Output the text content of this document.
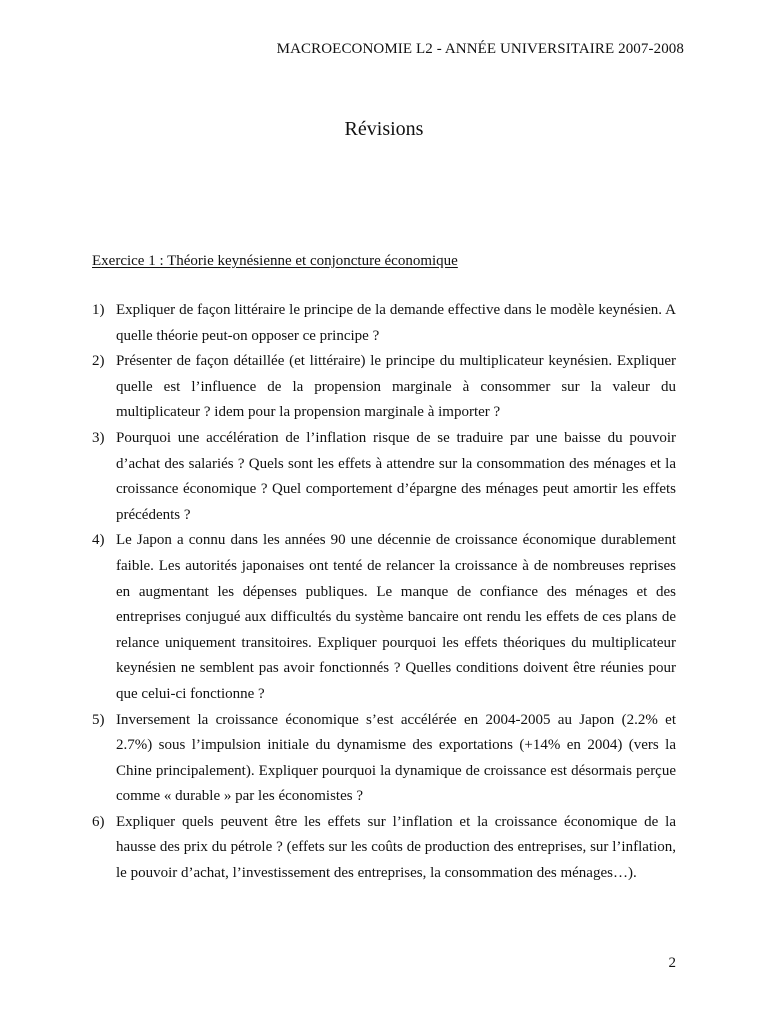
MACROECONOMIE L2 - ANNÉE UNIVERSITAIRE 2007-2008
Révisions
Exercice 1 : Théorie keynésienne et conjoncture économique
1) Expliquer de façon littéraire le principe de la demande effective dans le modèle keynésien. A quelle théorie peut-on opposer ce principe ?
2) Présenter de façon détaillée (et littéraire) le principe du multiplicateur keynésien. Expliquer quelle est l’influence de la propension marginale à consommer sur la valeur du multiplicateur ? idem pour la propension marginale à importer ?
3) Pourquoi une accélération de l’inflation risque de se traduire par une baisse du pouvoir d’achat des salariés ? Quels sont les effets à attendre sur la consommation des ménages et la croissance économique ? Quel comportement d’épargne des ménages peut amortir les effets précédents ?
4) Le Japon a connu dans les années 90 une décennie de croissance économique durablement faible. Les autorités japonaises ont tenté de relancer la croissance à de nombreuses reprises en augmentant les dépenses publiques. Le manque de confiance des ménages et des entreprises conjugué aux difficultés du système bancaire ont rendu les effets de ces plans de relance uniquement transitoires. Expliquer pourquoi les effets théoriques du multiplicateur keynésien ne semblent pas avoir fonctionnés ? Quelles conditions doivent être réunies pour que celui-ci fonctionne ?
5) Inversement la croissance économique s’est accélérée en 2004-2005 au Japon (2.2% et 2.7%) sous l’impulsion initiale du dynamisme des exportations (+14% en 2004) (vers la Chine principalement). Expliquer pourquoi la dynamique de croissance est désormais perçue comme « durable » par les économistes ?
6) Expliquer quels peuvent être les effets sur l’inflation et la croissance économique de la hausse des prix du pétrole ? (effets sur les coûts de production des entreprises, sur l’inflation, le pouvoir d’achat, l’investissement des entreprises, la consommation des ménages…).
2
